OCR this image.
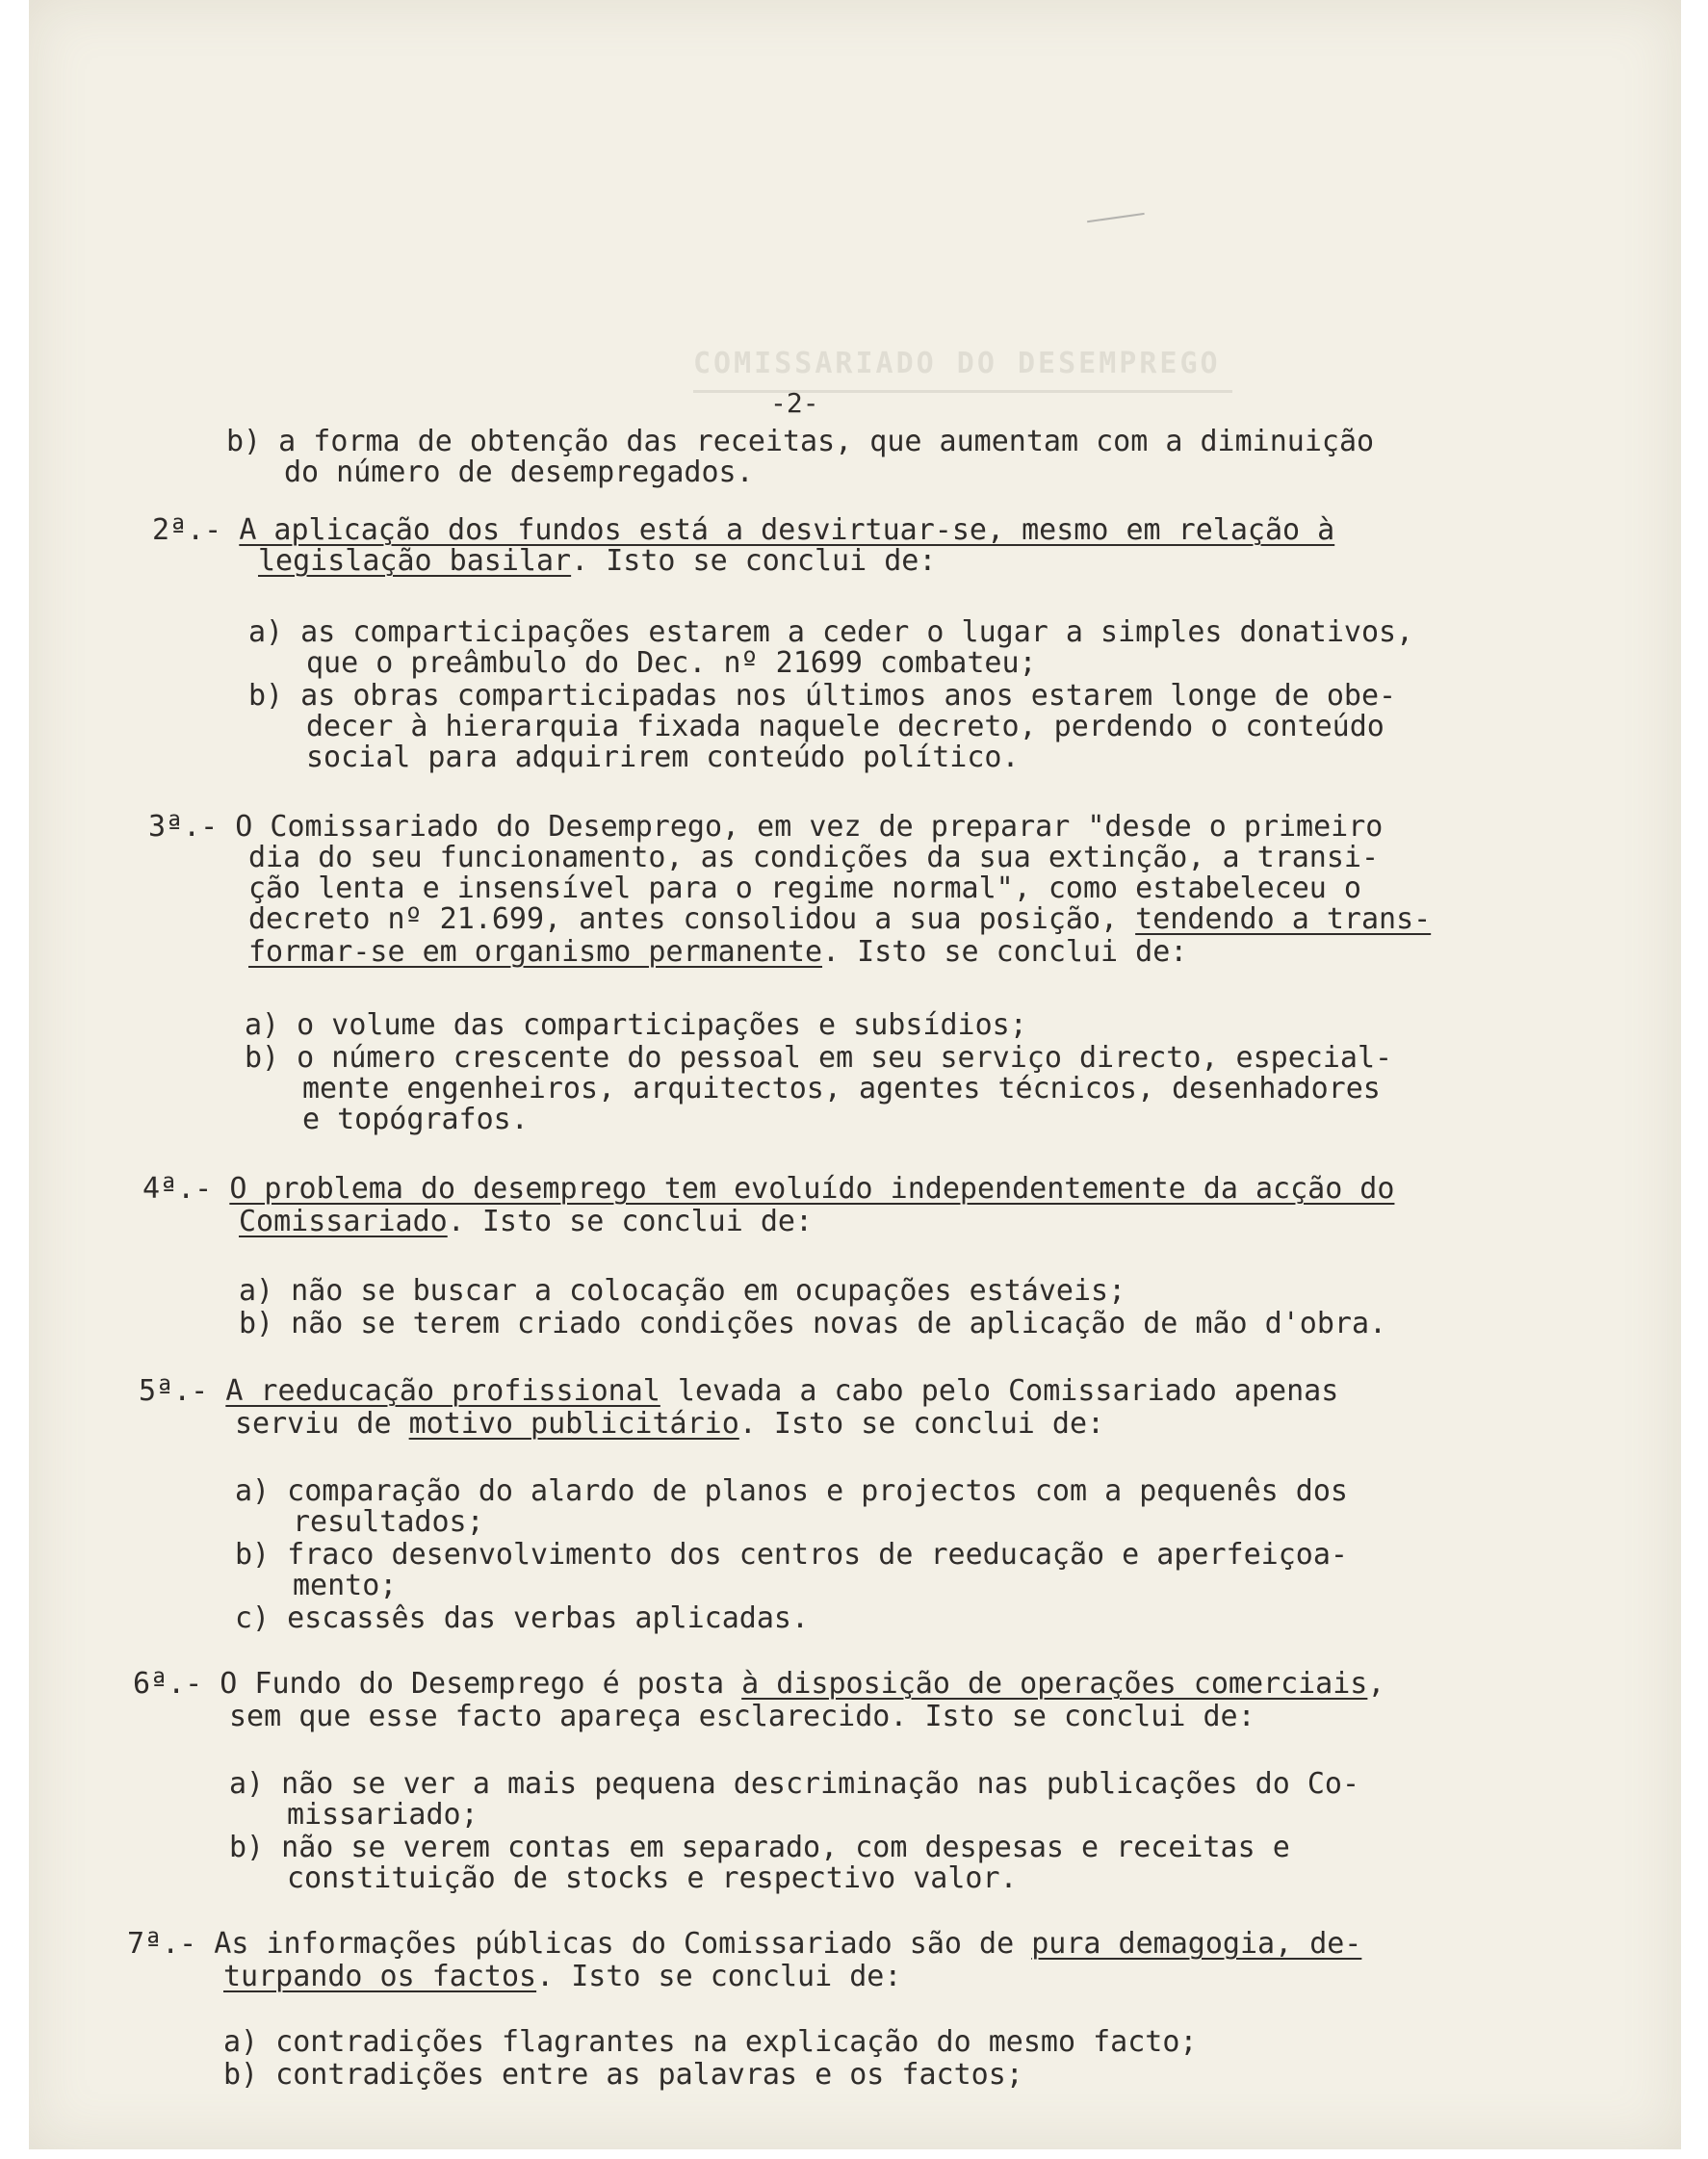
COMISSARIADO DO DESEMPREGO
-2-
b) a forma de obtenção das receitas, que aumentam com a diminuição
do número de desempregados.
2ª.- A aplicação dos fundos está a desvirtuar-se, mesmo em relação à
legislação basilar. Isto se conclui de:
a) as comparticipações estarem a ceder o lugar a simples donativos,
que o preâmbulo do Dec. nº 21699 combateu;
b) as obras comparticipadas nos últimos anos estarem longe de obe-
decer à hierarquia fixada naquele decreto, perdendo o conteúdo
social para adquirirem conteúdo político.
3ª.- O Comissariado do Desemprego, em vez de preparar "desde o primeiro
dia do seu funcionamento, as condições da sua extinção, a transi-
ção lenta e insensível para o regime normal", como estabeleceu o
decreto nº 21.699, antes consolidou a sua posição, tendendo a trans-
formar-se em organismo permanente. Isto se conclui de:
a) o volume das comparticipações e subsídios;
b) o número crescente do pessoal em seu serviço directo, especial-
mente engenheiros, arquitectos, agentes técnicos, desenhadores
e topógrafos.
4ª.- O problema do desemprego tem evoluído independentemente da acção do
Comissariado. Isto se conclui de:
a) não se buscar a colocação em ocupações estáveis;
b) não se terem criado condições novas de aplicação de mão d'obra.
5ª.- A reeducação profissional levada a cabo pelo Comissariado apenas
serviu de motivo publicitário. Isto se conclui de:
a) comparação do alardo de planos e projectos com a pequenês dos
resultados;
b) fraco desenvolvimento dos centros de reeducação e aperfeiçoa-
mento;
c) escassês das verbas aplicadas.
6ª.- O Fundo do Desemprego é posta à disposição de operações comerciais,
sem que esse facto apareça esclarecido. Isto se conclui de:
a) não se ver a mais pequena descriminação nas publicações do Co-
missariado;
b) não se verem contas em separado, com despesas e receitas e
constituição de stocks e respectivo valor.
7ª.- As informações públicas do Comissariado são de pura demagogia, de-
turpando os factos. Isto se conclui de:
a) contradições flagrantes na explicação do mesmo facto;
b) contradições entre as palavras e os factos;
